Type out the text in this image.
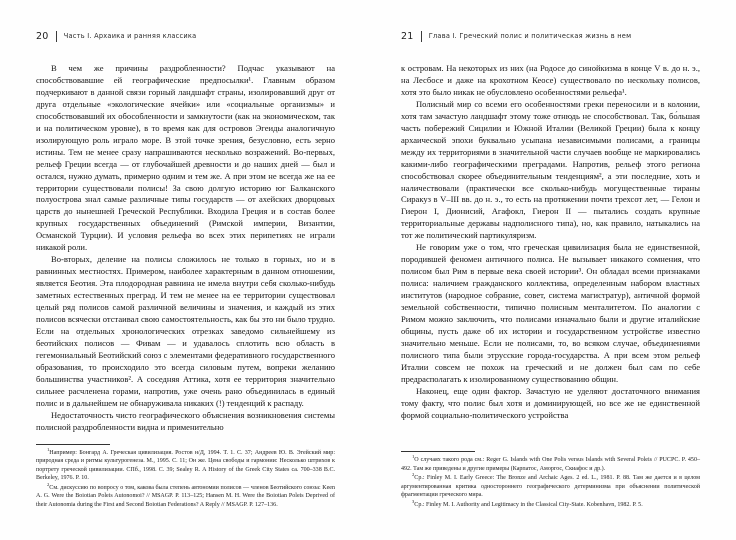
20 Часть I. Архаика и ранняя классика

В чем же причины раздробленности? Подчас указывают на способствовавшие ей географические предпосылки¹. Главным образом подчеркивают в данной связи горный ландшафт страны, изолировавший друг от друга отдельные «экологические ячейки» или «социальные организмы» и способствовавший их обособленности и замкнутости (как на экономическом, так и на политическом уровне), в то время как для островов Эгеиды аналогичную изолирующую роль играло море. В этой точке зрения, безусловно, есть зерно истины. Тем не менее сразу напрашиваются несколько возражений. Во-первых, рельеф Греции всегда — от глубочайшей древности и до наших дней — был и остался, нужно думать, примерно одним и тем же. А при этом не всегда же на ее территории существовали полисы! За свою долгую историю юг Балканского полуострова знал самые различные типы государств — от ахейских дворцовых царств до нынешней Греческой Республики. Входила Греция и в состав более крупных государственных объединений (Римской империи, Византии, Османской Турции). И условия рельефа во всех этих перипетиях не играли никакой роли.

Во-вторых, деление на полисы сложилось не только в горных, но и в равнинных местностях. Примером, наиболее характерным в данном отношении, является Беотия. Эта плодородная равнина не имела внутри себя сколько-нибудь заметных естественных преград. И тем не менее на ее территории существовал целый ряд полисов самой различной величины и значения, и каждый из этих полисов всячески отстаивал свою самостоятельность, как бы это ни было трудно. Если на отдельных хронологических отрезках заведомо сильнейшему из беотийских полисов — Фивам — и удавалось сплотить всю область в гегемониальный Беотийский союз с элементами федеративного государственного образования, то происходило это всегда силовым путем, вопреки желанию большинства участников². А соседняя Аттика, хотя ее территория значительно сильнее расчленена горами, напротив, уже очень рано объединилась в единый полис и в дальнейшем не обнаруживала никаких (!) тенденций к распаду.

Недостаточность чисто географического объяснения возникновения системы полисной раздробленности видна и применительно

$^1$Например: Бонгард А. Греческая цивилизация. Ростов н/Д, 1994. Т. 1. С. 37; Андреев Ю. В. Эгейский мир: природная среда и ритмы культурогенеза. М., 1995. С. 11; Он же. Цена свободы и гармонии: Несколько штрихов к портрету греческой цивилизации. СПб., 1998. С. 39; Sealey R. A History of the Greek City States ca. 700–338 B.C. Berkeley, 1976. P. 10.

$^2$См. дискуссию по вопросу о том, какова была степень автономии полисов — членов Беотийского союза: Keen A. G. Were the Boiotian Poleis Autonomoi? // MSAGP. P. 113–125; Hansen M. H. Were the Boiotian Poleis Deprived of their Autonomia during the First and Second Boiotian Federations? A Reply // MSAGP. P. 127–136.

21 Глава I. Греческий полис и политическая жизнь в нем

к островам. На некоторых из них (на Родосе до синойкизма в конце V в. до н. э., на Лесбосе и даже на крохотном Кеосе) существовало по нескольку полисов, хотя это было никак не обусловлено особенностями рельефа¹.

Полисный мир со всеми его особенностями греки переносили и в колонии, хотя там зачастую ландшафт этому тоже отнюдь не способствовал. Так, бо́льшая часть побережий Сицилии и Южной Италии (Великой Греции) была к концу архаической эпохи буквально усыпана независимыми полисами, а границы между их территориями в значительной части случаев вообще не маркировались какими-либо географическими преградами. Напротив, рельеф этого региона способствовал скорее объединительным тенденциям², а эти последние, хоть и наличествовали (практически все сколько-нибудь могущественные тираны Сиракуз в V–III вв. до н. э., то есть на протяжении почти трехсот лет, — Гелон и Гиерон I, Дионисий, Агафокл, Гиерон II — пытались создать крупные территориальные державы надполисного типа), но, как правило, натыкались на тот же политический партикуляризм.

Не говорим уже о том, что греческая цивилизация была не единственной, породившей феномен античного полиса. Не вызывает никакого сомнения, что полисом был Рим в первые века своей истории³. Он обладал всеми признаками полиса: наличием гражданского коллектива, определенным набором властных институтов (народное собрание, совет, система магистратур), античной формой земельной собственности, типично полисным менталитетом. По аналогии с Римом можно заключить, что полисами изначально были и другие италийские общины, пусть даже об их истории и государственном устройстве известно значительно меньше. Если не полисами, то, во всяком случае, объединениями полисного типа были этрусские города-государства. А при всем этом рельеф Италии совсем не похож на греческий и не должен был сам по себе предрасполагать к изолированному существованию общин.

Наконец, еще один фактор. Зачастую не уделяют достаточного внимания тому факту, что полис был хотя и доминирующей, но все же не единственной формой социально-политического устройства

$^1$О случаях такого рода см.: Reger G. Islands with One Polis versus Islands with Several Poleis // PUCPC. P. 450–492. Там же приведены и другие примеры (Карпатос, Аморгос, Скиафос и др.).

$^2$Ср.: Finley M. I. Early Greece: The Bronze and Archaic Ages. 2 ed. L., 1981. P. 88. Там же дается и в целом аргументированная критика одностороннего географического детерминизма при объяснении политической фрагментации греческого мира.

$^3$Ср.: Finley M. I. Authority and Legitimacy in the Classical City-State. Kobenhavn, 1982. P. 5.
